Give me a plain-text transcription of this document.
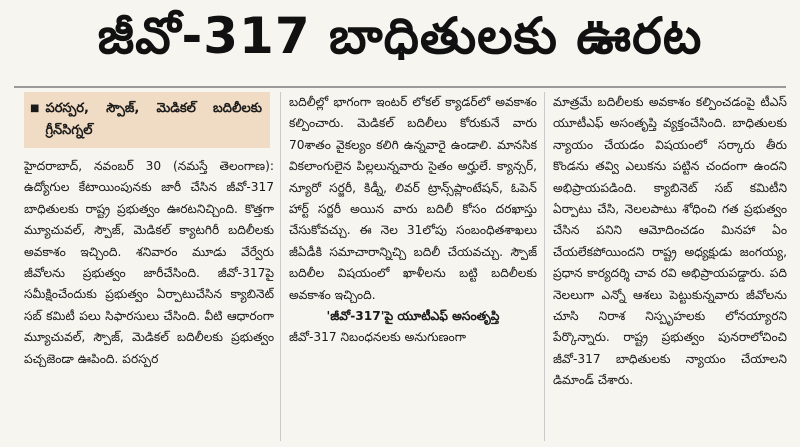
జీవో-317 బాధితులకు ఊరట
■ పరస్పర, స్పౌజ్, మెడికల్ బదిలీలకు గ్రీన్‌సిగ్నల్

హైదరాబాద్, నవంబర్ 30 (నమస్తే తెలంగాణ): ఉద్యోగుల కేటాయింపునకు జారీ చేసిన జీవో-317 బాధితులకు రాష్ట్ర ప్రభుత్వం ఊరటనిచ్చింది. కొత్తగా మ్యూచువల్, స్పౌజ్, మెడికల్ క్యాటగిరీ బదిలీలకు అవకాశం ఇచ్చింది. శనివారం మూడు వేర్వేరు జీవోలను ప్రభుత్వం జారీచేసింది. జీవో-317పై సమీక్షించేందుకు ప్రభుత్వం ఏర్పాటుచేసిన క్యాబినెట్ సబ్ కమిటీ పలు సిఫారసులు చేసింది. వీటి ఆధారంగా మ్యూచువల్, స్పౌజ్, మెడికల్ బదిలీలకు ప్రభుత్వం పచ్చజెండా ఊపింది. పరస్పర

బదిలీల్లో భాగంగా ఇంటర్ లోకల్ క్యాడర్‌లో అవకాశం కల్పించారు. మెడికల్ బదిలీలు కోరుకునే వారు 70శాతం వైకల్యం కలిగి ఉన్నవారై ఉండాలి. మానసిక వికలాంగులైన పిల్లలున్నవారు సైతం అర్హులే. క్యాన్సర్, న్యూరో సర్జరీ, కిడ్నీ, లివర్ ట్రాన్స్‌ప్లాంటేషన్, ఓపెన్ హార్ట్ సర్జరీ అయిన వారు బదిలీ కోసం దరఖాస్తు చేసుకోవచ్చు. ఈ నెల 31లోపు సంబంధితశాఖలు జీఏడీకి సమాచారాన్నిచ్చి బదిలీ చేయవచ్చు. స్పౌజ్ బదిలీల విషయంలో ఖాళీలను బట్టి బదిలీలకు అవకాశం ఇచ్చింది.

'జీవో-317'పై యూటీఎఫ్ అసంతృప్తి

జీవో-317 నిబంధనలకు అనుగుణంగా

మాత్రమే బదిలీలకు అవకాశం కల్పించడంపై టీఎస్ యూటీఎఫ్ అసంతృప్తి వ్యక్తంచేసింది. బాధితులకు న్యాయం చేయడం విషయంలో సర్కారు తీరు కొండను తవ్వి ఎలుకను పట్టిన చందంగా ఉందని అభిప్రాయపడింది. క్యాబినెట్ సబ్ కమిటీని ఏర్పాటు చేసి, నెలలపాటు శోధించి గత ప్రభుత్వం చేసిన పనిని ఆమోదించడం మినహా ఏం చేయలేకపోయిందని రాష్ట్ర అధ్యక్షుడు జంగయ్య, ప్రధాన కార్యదర్శి చావ రవి అభిప్రాయపడ్డారు. పది నెలలుగా ఎన్నో ఆశలు పెట్టుకున్నవారు జీవోలను చూసి నిరాశ నిస్పృహలకు లోనయ్యారని పేర్కొన్నారు. రాష్ట్ర ప్రభుత్వం పునరాలోచించి జీవో-317 బాధితులకు న్యాయం చేయాలని డిమాండ్ చేశారు.
